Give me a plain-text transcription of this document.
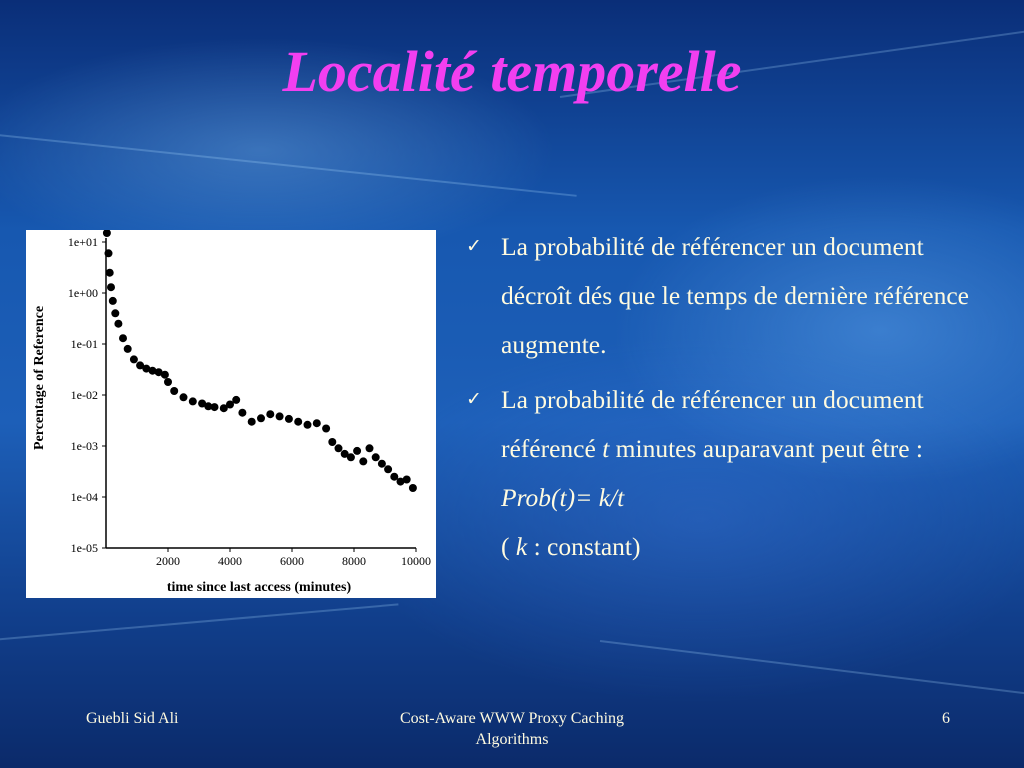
Localité temporelle
1e-05
1e-04
1e-03
1e-02
1e-01
1e+00
1e+01
2000	4000	6000	8000	10000
time since last access (minutes)
Percentage of Reference
✓ La probabilité de référencer un document décroît dés que le temps de dernière référence augmente.
✓ La probabilité de référencer un document référencé t minutes auparavant peut être : Prob(t)= k/t
( k : constant)
Guebli Sid Ali	Cost-Aware WWW Proxy Caching
Algorithms
6
